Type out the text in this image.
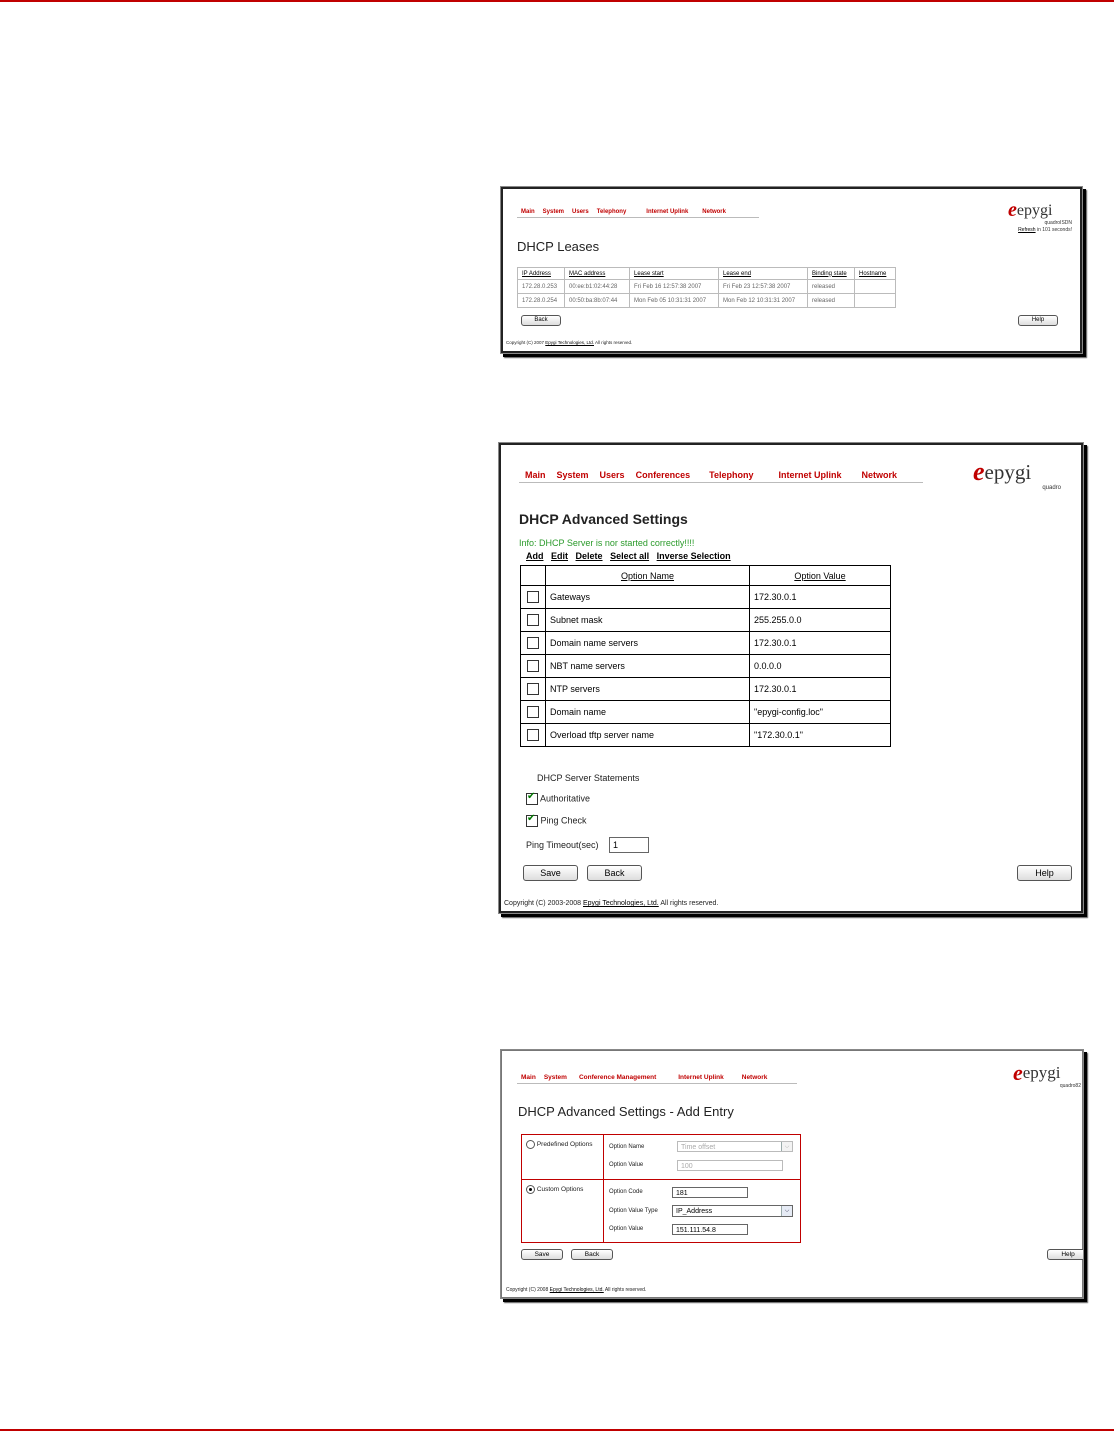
Main System Users Telephony	Internet Uplink Network	e epygi
quadroISDN
Refresh in 101 seconds!
DHCP Leases
IP Address	MAC address	Lease start	Lease end	Binding state	Hostname
172.28.0.253	00:ee:b1:02:44:28	Fri Feb 16 12:57:38 2007	Fri Feb 23 12:57:38 2007	released	
172.28.0.254	00:50:ba:8b:07:44	Mon Feb 05 10:31:31 2007	Mon Feb 12 10:31:31 2007	released	
Back	Help
Copyright (C) 2007 Epygi Technologies, Ltd. All rights reserved.
Main System Users Conferences Telephony	Internet Uplink Network	e epygi
quadro
DHCP Advanced Settings
Info: DHCP Server is nor started correctly!!!!
Add Edit Delete Select all Inverse Selection
	Option Name	Option Value
	Gateways	172.30.0.1
	Subnet mask	255.255.0.0
	Domain name servers	172.30.0.1
	NBT name servers	0.0.0.0
	NTP servers	172.30.0.1
	Domain name	"epygi-config.loc"
	Overload tftp server name	"172.30.0.1"
DHCP Server Statements
✔ Authoritative
✔ Ping Check
Ping Timeout(sec)	1
Save	Back	Help
Copyright (C) 2003-2008 Epygi Technologies, Ltd. All rights reserved.
Main System Conference Management	Internet Uplink	Network	e epygi
quadro82
DHCP Advanced Settings - Add Entry
Predefined Options	Option Name	Time offset	⌵
Option Value	100
Custom Options	Option Code	181
Option Value Type	IP_Address	⌵
Option Value	151.111.54.8
Save	Back	Help
Copyright (C) 2008 Epygi Technologies, Ltd. All rights reserved.
